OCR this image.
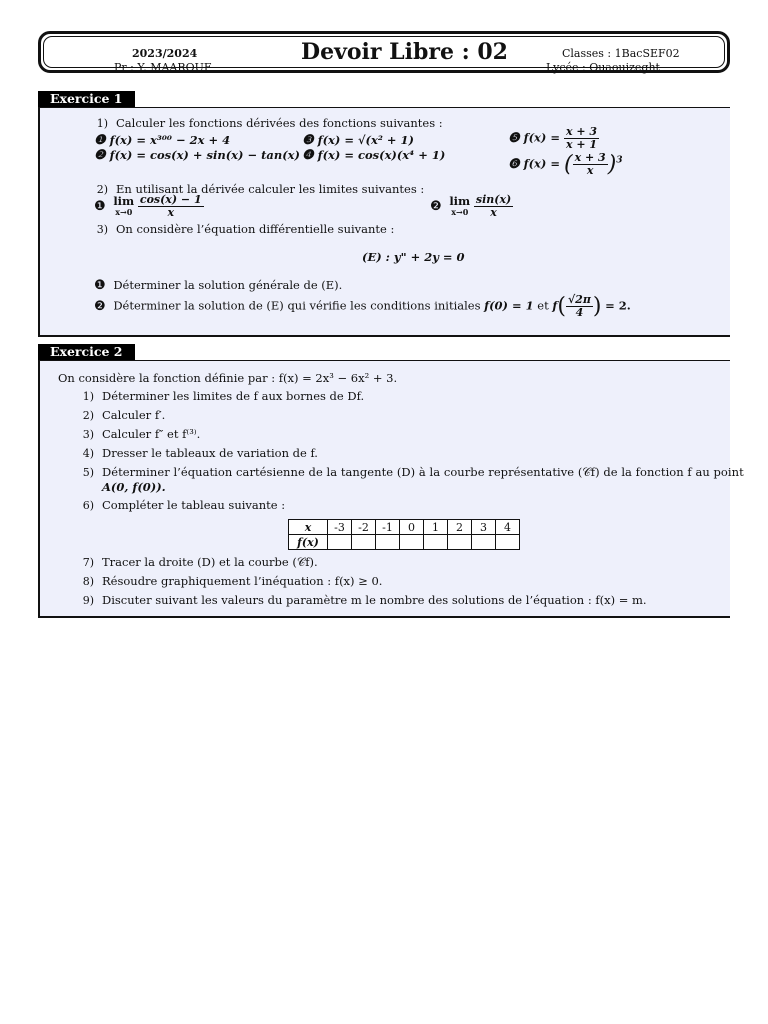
2023/2024
Pr : Y. MAAROUF
Devoir Libre : 02	Classes : 1BacSEF02
Lycée : Ouaouizeght
Exercice 1
1) Calculer les fonctions dérivées des fonctions suivantes :
❶ f(x) = x³⁰⁰ − 2x + 4
❷ f(x) = cos(x) + sin(x) − tan(x)
❸ f(x) = √(x² + 1)
❹ f(x) = cos(x)(x⁴ + 1)
❺ $f(x) = \frac{x + 3}{x + 1}$
❻ f(x) = ( $\frac{x + 3}{x} )^3$
2) En utilisant la dérivée calculer les limites suivantes :
❶ lim
x→0
$\frac{\cos(x) - 1}{x}$	❷ lim
x→0
$\frac{\sin(x)}{x}$
3) On considère l’équation différentielle suivante :
(E) : y" + 2y = 0
❶ Déterminer la solution générale de (E).
❷ Déterminer la solution de (E) qui vérifie les conditions initiales f(0) = 1 et $f( \frac{√2\pi}{4}$ ) = 2.
Exercice 2
On considère la fonction définie par : f(x) = 2x³ − 6x² + 3.
1) Déterminer les limites de f aux bornes de Df.
2) Calculer f′.
3) Calculer f″ et f⁽³⁾.
4) Dresser le tableaux de variation de f.
5) Déterminer l’équation cartésienne de la tangente (D) à la courbe représentative (𝒞f) de la fonction f au point
A(0, f(0)).
6) Compléter le tableau suivante :
x	-3	-2	-1	0	1	2	3	4
f(x)								
7) Tracer la droite (D) et la courbe (𝒞f).
8) Résoudre graphiquement l’inéquation : f(x) ≥ 0.
9) Discuter suivant les valeurs du paramètre m le nombre des solutions de l’équation : f(x) = m.
